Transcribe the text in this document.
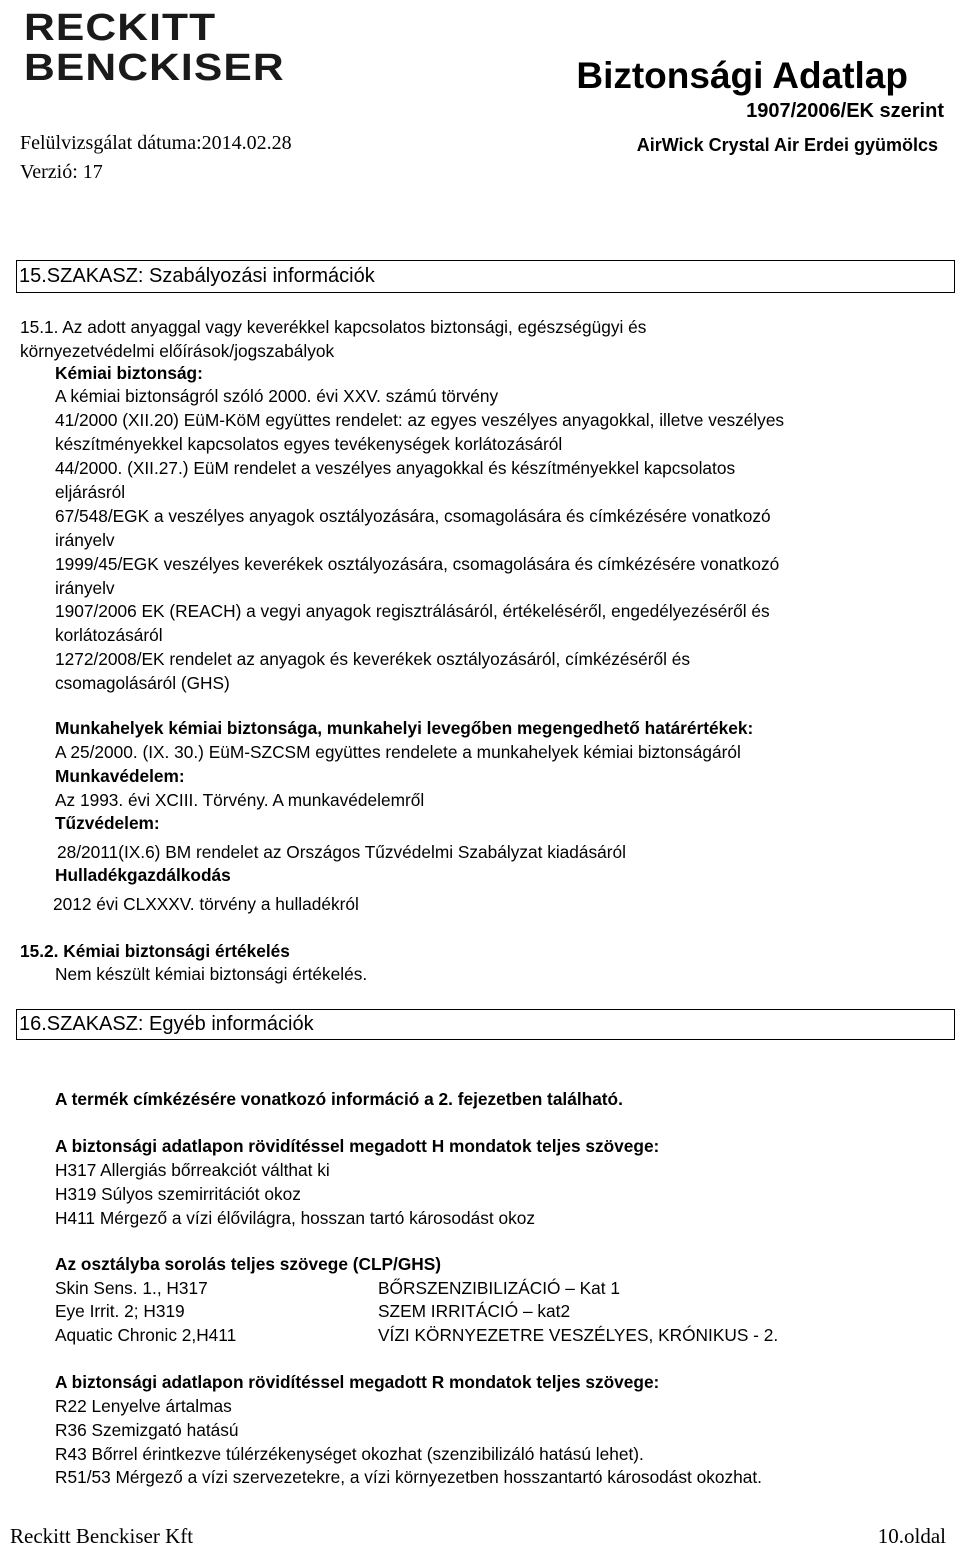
RECKITT
BENCKISER	Biztonsági Adatlap
1907/2006/EK szerint
AirWick Crystal Air Erdei gyümölcs
Felülvizsgálat dátuma:2014.02.28
Verzió: 17
15.SZAKASZ: Szabályozási információk
15.1. Az adott anyaggal vagy keverékkel kapcsolatos biztonsági, egészségügyi és
környezetvédelmi előírások/jogszabályok
Kémiai biztonság:
A kémiai biztonságról szóló 2000. évi XXV. számú törvény
41/2000 (XII.20) EüM-KöM együttes rendelet: az egyes veszélyes anyagokkal, illetve veszélyes
készítményekkel kapcsolatos egyes tevékenységek korlátozásáról
44/2000. (XII.27.) EüM rendelet a veszélyes anyagokkal és készítményekkel kapcsolatos
eljárásról
67/548/EGK a veszélyes anyagok osztályozására, csomagolására és címkézésére vonatkozó
irányelv
1999/45/EGK veszélyes keverékek osztályozására, csomagolására és címkézésére vonatkozó
irányelv
1907/2006 EK (REACH) a vegyi anyagok regisztrálásáról, értékeléséről, engedélyezéséről és
korlátozásáról
1272/2008/EK rendelet az anyagok és keverékek osztályozásáról, címkézéséről és
csomagolásáról (GHS)
Munkahelyek kémiai biztonsága, munkahelyi levegőben megengedhető határértékek:
A 25/2000. (IX. 30.) EüM-SZCSM együttes rendelete a munkahelyek kémiai biztonságáról
Munkavédelem:
Az 1993. évi XCIII. Törvény. A munkavédelemről
Tűzvédelem:
28/2011(IX.6) BM rendelet az Országos Tűzvédelmi Szabályzat kiadásáról
Hulladékgazdálkodás
2012 évi CLXXXV. törvény a hulladékról
15.2. Kémiai biztonsági értékelés
Nem készült kémiai biztonsági értékelés.
16.SZAKASZ: Egyéb információk
A termék címkézésére vonatkozó információ a 2. fejezetben található.
A biztonsági adatlapon rövidítéssel megadott H mondatok teljes szövege:
H317 Allergiás bőrreakciót válthat ki
H319 Súlyos szemirritációt okoz
H411 Mérgező a vízi élővilágra, hosszan tartó károsodást okoz
Az osztályba sorolás teljes szövege (CLP/GHS)
Skin Sens. 1., H317	BŐRSZENZIBILIZÁCIÓ – Kat 1
Eye Irrit. 2; H319	SZEM IRRITÁCIÓ – kat2
Aquatic Chronic 2,H411	VÍZI KÖRNYEZETRE VESZÉLYES, KRÓNIKUS - 2.
A biztonsági adatlapon rövidítéssel megadott R mondatok teljes szövege:
R22 Lenyelve ártalmas
R36 Szemizgató hatású
R43 Bőrrel érintkezve túlérzékenységet okozhat (szenzibilizáló hatású lehet).
R51/53 Mérgező a vízi szervezetekre, a vízi környezetben hosszantartó károsodást okozhat.
Reckitt Benckiser Kft	10.oldal
